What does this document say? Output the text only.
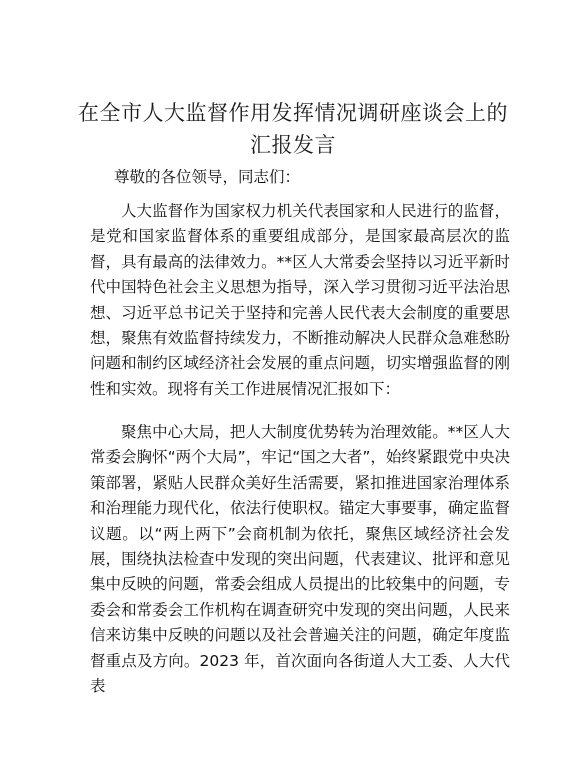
在全市人大监督作用发挥情况调研座谈会上的
汇报发言
尊敬的各位领导，同志们：

人大监督作为国家权力机关代表国家和人民进行的监督，是党和国家监督体系的重要组成部分，是国家最高层次的监督，具有最高的法律效力。**区人大常委会坚持以习近平新时代中国特色社会主义思想为指导，深入学习贯彻习近平法治思想、习近平总书记关于坚持和完善人民代表大会制度的重要思想，聚焦有效监督持续发力，不断推动解决人民群众急难愁盼问题和制约区域经济社会发展的重点问题，切实增强监督的刚性和实效。现将有关工作进展情况汇报如下：

聚焦中心大局，把人大制度优势转为治理效能。**区人大常委会胸怀“两个大局”，牢记“国之大者”，始终紧跟党中央决策部署，紧贴人民群众美好生活需要，紧扣推进国家治理体系和治理能力现代化，依法行使职权。锚定大事要事，确定监督议题。以“两上两下”会商机制为依托，聚焦区域经济社会发展，围绕执法检查中发现的突出问题，代表建议、批评和意见集中反映的问题，常委会组成人员提出的比较集中的问题，专委会和常委会工作机构在调查研究中发现的突出问题，人民来信来访集中反映的问题以及社会普遍关注的问题，确定年度监督重点及方向。2023 年，首次面向各街道人大工委、人大代表
